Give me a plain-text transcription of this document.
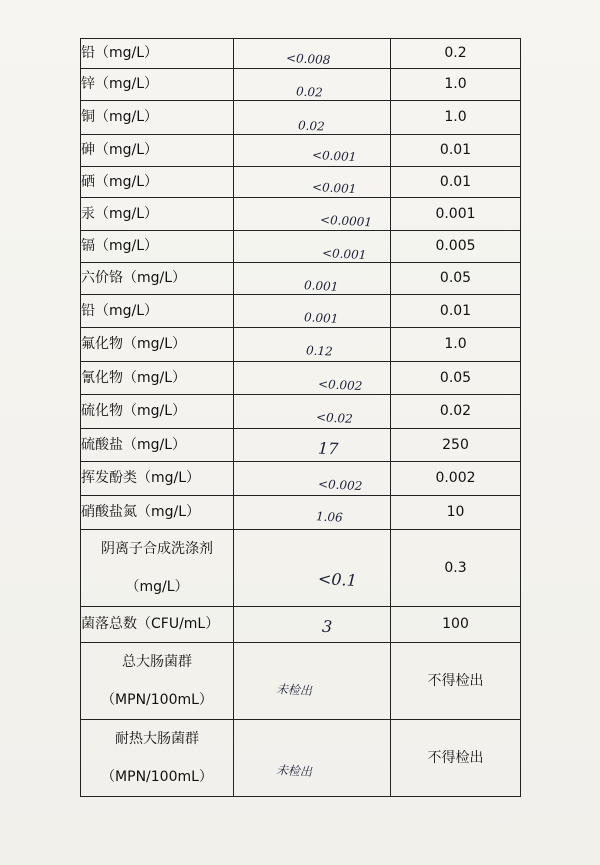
铅（mg/L）	<0.008	0.2
锌（mg/L）	0.02	1.0
铜（mg/L）	0.02	1.0
砷（mg/L）	<0.001	0.01
硒（mg/L）	<0.001	0.01
汞（mg/L）	<0.0001	0.001
镉（mg/L）	<0.001	0.005
六价铬（mg/L）	0.001	0.05
铅（mg/L）	0.001	0.01
氟化物（mg/L）	0.12	1.0
氰化物（mg/L）	<0.002	0.05
硫化物（mg/L）	<0.02	0.02
硫酸盐（mg/L）	17	250
挥发酚类（mg/L）	<0.002	0.002
硝酸盐氮（mg/L）	1.06	10

阴离子合成洗涤剂
（mg/L）	<0.1	0.3
菌落总数（CFU/mL）	3	100

总大肠菌群
（MPN/100mL）	未检出	不得检出

耐热大肠菌群
（MPN/100mL）	未检出	不得检出
